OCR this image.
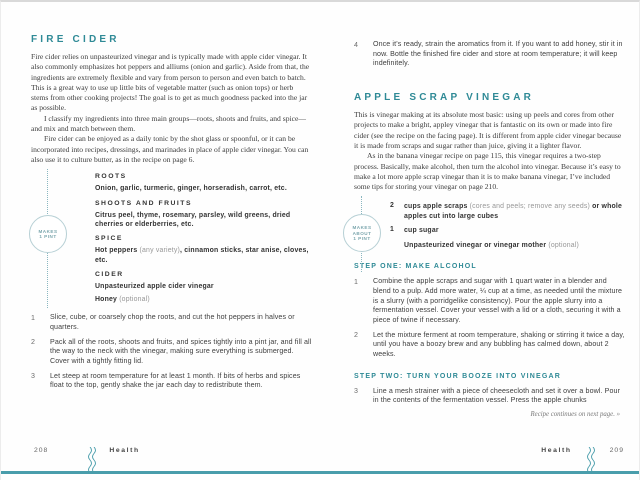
FIRE CIDER

Fire cider relies on unpasteurized vinegar and is typically made with apple cider vinegar. It also commonly emphasizes hot peppers and alliums (onion and garlic). Aside from that, the ingredients are extremely flexible and vary from person to person and even batch to batch. This is a great way to use up little bits of vegetable matter (such as onion tops) or herb stems from other cooking projects! The goal is to get as much goodness packed into the jar as possible.

I classify my ingredients into three main groups—roots, shoots and fruits, and spice—and mix and match between them.

Fire cider can be enjoyed as a daily tonic by the shot glass or spoonful, or it can be incorporated into recipes, dressings, and marinades in place of apple cider vinegar. You can also use it to culture butter, as in the recipe on page 6.

MAKES
1 PINT
ROOTS

Onion, garlic, turmeric, ginger, horseradish, carrot, etc.

SHOOTS AND FRUITS

Citrus peel, thyme, rosemary, parsley, wild greens, dried cherries or elderberries, etc.

SPICE

Hot peppers (any variety), cinnamon sticks, star anise, cloves, etc.

CIDER

Unpasteurized apple cider vinegar

Honey (optional)

1	Slice, cube, or coarsely chop the roots, and cut the hot peppers in halves or quarters.
2	Pack all of the roots, shoots and fruits, and spices tightly into a pint jar, and fill all the way to the neck with the vinegar, making sure everything is submerged. Cover with a tightly fitting lid.
3	Let steep at room temperature for at least 1 month. If bits of herbs and spices float to the top, gently shake the jar each day to redistribute them.
4	Once it’s ready, strain the aromatics from it. If you want to add honey, stir it in now. Bottle the finished fire cider and store at room temperature; it will keep indefinitely.
APPLE SCRAP VINEGAR

This is vinegar making at its absolute most basic: using up peels and cores from other projects to make a bright, appley vinegar that is fantastic on its own or made into fire cider (see the recipe on the facing page). It is different from apple cider vinegar because it is made from scraps and sugar rather than juice, giving it a lighter flavor.

As in the banana vinegar recipe on page 115, this vinegar requires a two-step process. Basically, make alcohol, then turn the alcohol into vinegar. Because it’s easy to make a lot more apple scrap vinegar than it is to make banana vinegar, I’ve included some tips for storing your vinegar on page 210.

MAKES
ABOUT
1 PINT
2	cups apple scraps (cores and peels; remove any seeds) or whole apples cut into large cubes
1	cup sugar
Unpasteurized vinegar or vinegar mother (optional)
STEP ONE: MAKE ALCOHOL
1	Combine the apple scraps and sugar with 1 quart water in a blender and blend to a pulp. Add more water, ¼ cup at a time, as needed until the mixture is a slurry (with a porridgelike consistency). Pour the apple slurry into a fermentation vessel. Cover your vessel with a lid or a cloth, securing it with a piece of twine if necessary.
2	Let the mixture ferment at room temperature, shaking or stirring it twice a day, until you have a boozy brew and any bubbling has calmed down, about 2 weeks.
STEP TWO: TURN YOUR BOOZE INTO VINEGAR
3	Line a mesh strainer with a piece of cheesecloth and set it over a bowl. Pour in the contents of the fermentation vessel. Press the apple chunks
Recipe continues on next page. »
208	Health	Health	209
